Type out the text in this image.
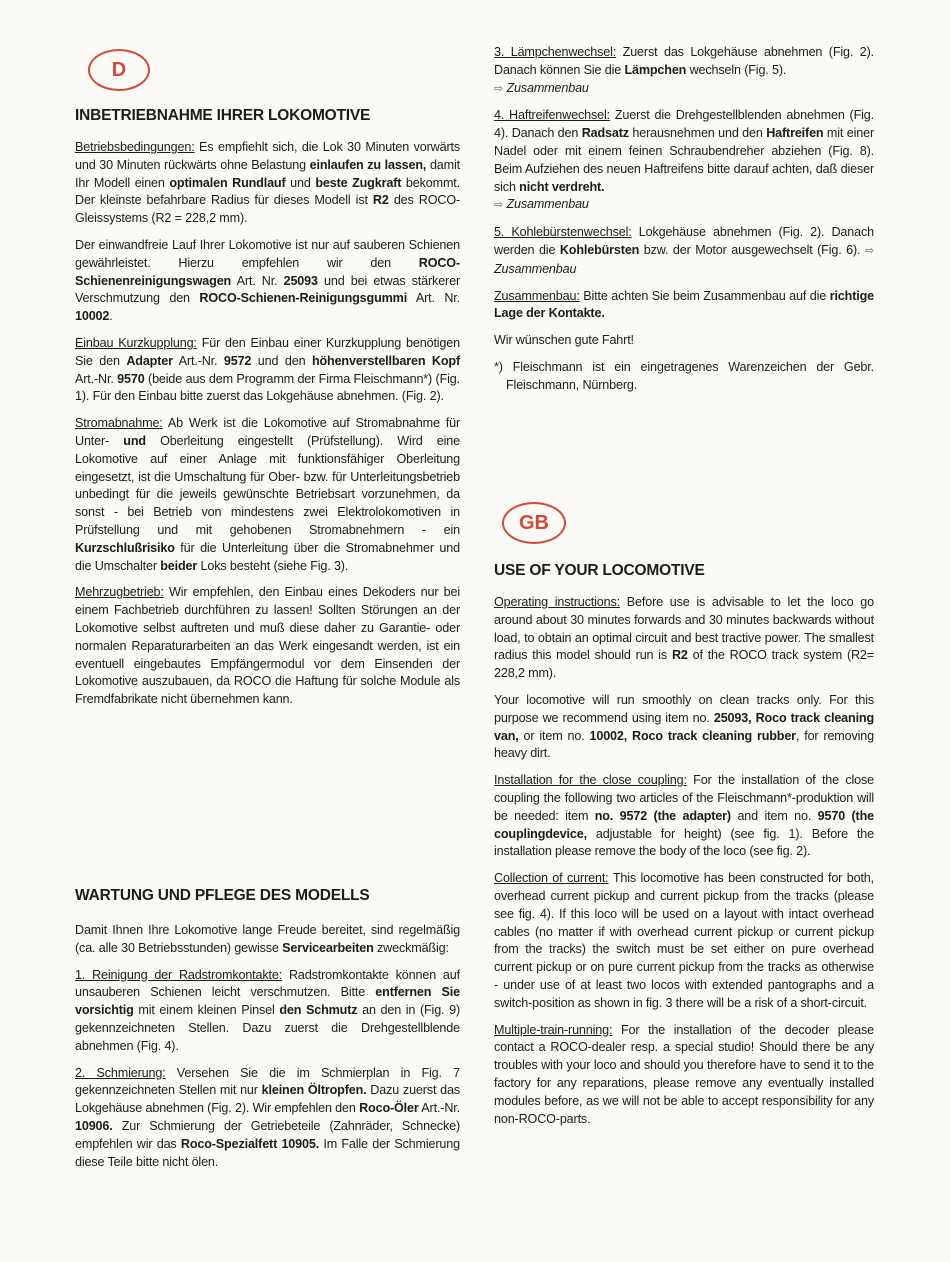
D
INBETRIEBNAHME IHRER LOKOMOTIVE

Betriebsbedingungen: Es empfiehlt sich, die Lok 30 Minuten vorwärts und 30 Minuten rückwärts ohne Belastung einlaufen zu lassen, damit Ihr Modell einen optimalen Rundlauf und beste Zugkraft bekommt. Der kleinste befahrbare Radius für dieses Modell ist R2 des ROCO-Gleissystems (R2 = 228,2 mm).

Der einwandfreie Lauf Ihrer Lokomotive ist nur auf sauberen Schienen gewährleistet. Hierzu empfehlen wir den ROCO-Schienenreinigungswagen Art. Nr. 25093 und bei etwas stärkerer Verschmutzung den ROCO-Schienen-Reinigungsgummi Art. Nr. 10002.

Einbau Kurzkupplung: Für den Einbau einer Kurzkupplung benötigen Sie den Adapter Art.-Nr. 9572 und den höhenverstellbaren Kopf Art.-Nr. 9570 (beide aus dem Programm der Firma Fleischmann*) (Fig. 1). Für den Einbau bitte zuerst das Lokgehäuse abnehmen. (Fig. 2).

Stromabnahme: Ab Werk ist die Lokomotive auf Stromabnahme für Unter- und Oberleitung eingestellt (Prüfstellung). Wird eine Lokomotive auf einer Anlage mit funktionsfähiger Oberleitung eingesetzt, ist die Umschaltung für Ober- bzw. für Unterleitungsbetrieb unbedingt für die jeweils gewünschte Betriebsart vorzunehmen, da sonst - bei Betrieb von mindestens zwei Elektrolokomotiven in Prüfstellung und mit gehobenen Stromabnehmern - ein Kurzschlußrisiko für die Unterleitung über die Stromabnehmer und die Umschalter beider Loks besteht (siehe Fig. 3).

Mehrzugbetrieb: Wir empfehlen, den Einbau eines Dekoders nur bei einem Fachbetrieb durchführen zu lassen! Sollten Störungen an der Lokomotive selbst auftreten und muß diese daher zu Garantie- oder normalen Reparaturarbeiten an das Werk eingesandt werden, ist ein eventuell eingebautes Empfängermodul vor dem Einsenden der Lokomotive auszubauen, da ROCO die Haftung für solche Module als Fremdfabrikate nicht übernehmen kann.

WARTUNG UND PFLEGE DES MODELLS

Damit Ihnen Ihre Lokomotive lange Freude bereitet, sind regelmäßig (ca. alle 30 Betriebsstunden) gewisse Servicearbeiten zweckmäßig:

1. Reinigung der Radstromkontakte: Radstromkontakte können auf unsauberen Schienen leicht verschmutzen. Bitte entfernen Sie vorsichtig mit einem kleinen Pinsel den Schmutz an den in (Fig. 9) gekennzeichneten Stellen. Dazu zuerst die Drehgestellblende abnehmen (Fig. 4).

2. Schmierung: Versehen Sie die im Schmierplan in Fig. 7 gekennzeichneten Stellen mit nur kleinen Öltropfen. Dazu zuerst das Lokgehäuse abnehmen (Fig. 2). Wir empfehlen den Roco-Öler Art.-Nr. 10906. Zur Schmierung der Getriebeteile (Zahnräder, Schnecke) empfehlen wir das Roco-Spezialfett 10905. Im Falle der Schmierung diese Teile bitte nicht ölen.

3. Lämpchenwechsel: Zuerst das Lokgehäuse abnehmen (Fig. 2). Danach können Sie die Lämpchen wechseln (Fig. 5).
⇨ Zusammenbau

4. Haftreifenwechsel: Zuerst die Drehgestellblenden abnehmen (Fig. 4). Danach den Radsatz herausnehmen und den Haftreifen mit einer Nadel oder mit einem feinen Schraubendreher abziehen (Fig. 8). Beim Aufziehen des neuen Haftreifens bitte darauf achten, daß dieser sich nicht verdreht.
⇨ Zusammenbau

5. Kohlebürstenwechsel: Lokgehäuse abnehmen (Fig. 2). Danach werden die Kohlebürsten bzw. der Motor ausgewechselt (Fig. 6). ⇨ Zusammenbau

Zusammenbau: Bitte achten Sie beim Zusammenbau auf die richtige Lage der Kontakte.

Wir wünschen gute Fahrt!

*) Fleischmann ist ein eingetragenes Warenzeichen der Gebr. Fleischmann, Nürnberg.

GB
USE OF YOUR LOCOMOTIVE

Operating instructions: Before use is advisable to let the loco go around about 30 minutes forwards and 30 minutes backwards without load, to obtain an optimal circuit and best tractive power. The smallest radius this model should run is R2 of the ROCO track system (R2= 228,2 mm).

Your locomotive will run smoothly on clean tracks only. For this purpose we recommend using item no. 25093, Roco track cleaning van, or item no. 10002, Roco track cleaning rubber, for removing heavy dirt.

Installation for the close coupling: For the installation of the close coupling the following two articles of the Fleischmann*-produktion will be needed: item no. 9572 (the adapter) and item no. 9570 (the couplingdevice, adjustable for height) (see fig. 1). Before the installation please remove the body of the loco (see fig. 2).

Collection of current: This locomotive has been constructed for both, overhead current pickup and current pickup from the tracks (please see fig. 4). If this loco will be used on a layout with intact overhead cables (no matter if with overhead current pickup or current pickup from the tracks) the switch must be set either on pure overhead current pickup or on pure current pickup from the tracks as otherwise - under use of at least two locos with extended pantographs and a switch-position as shown in fig. 3 there will be a risk of a short-circuit.

Multiple-train-running: For the installation of the decoder please contact a ROCO-dealer resp. a special studio! Should there be any troubles with your loco and should you therefore have to send it to the factory for any reparations, please remove any eventually installed modules before, as we will not be able to accept responsibility for any non-ROCO-parts.
